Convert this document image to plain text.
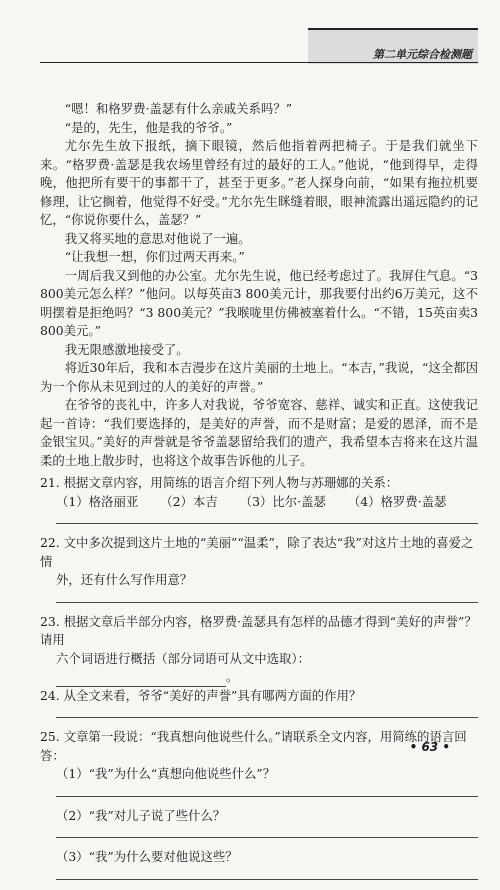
第二单元综合检测题

“嗯！和格罗费·盖瑟有什么亲戚关系吗？”

“是的，先生，他是我的爷爷。”

尤尔先生放下报纸，摘下眼镜，然后他指着两把椅子。于是我们就坐下来。“格罗费·盖瑟是我农场里曾经有过的最好的工人。”他说，“他到得早，走得晚，他把所有要干的事都干了，甚至于更多。”老人探身向前，“如果有拖拉机要修理，让它搁着，他觉得不好受。”尤尔先生眯缝着眼，眼神流露出遥远隐约的记忆，“你说你要什么，盖瑟？”

我又将买地的意思对他说了一遍。

“让我想一想，你们过两天再来。”

一周后我又到他的办公室。尤尔先生说，他已经考虑过了。我屏住气息。“3 800美元怎么样？”他问。以每英亩3 800美元计，那我要付出约6万美元，这不明摆着是拒绝吗？“3 800美元？”我喉咙里仿佛被塞着什么。“不错，15英亩卖3 800美元。”

我无限感激地接受了。

将近30年后，我和本吉漫步在这片美丽的土地上。“本吉，”我说，“这全都因为一个你从未见到过的人的美好的声誉。”

在爷爷的丧礼中，许多人对我说，爷爷宽容、慈祥、诚实和正直。这使我记起一首诗：“我们要选择的，是美好的声誉，而不是财富；是爱的恩泽，而不是金银宝贝。”美好的声誉就是爷爷盖瑟留给我们的遗产，我希望本吉将来在这片温柔的土地上散步时，也将这个故事告诉他的儿子。

21. 根据文章内容，用简练的语言介绍下列人物与苏珊娜的关系：

（1）格洛丽亚 （2）本吉 （3）比尔·盖瑟 （4）格罗费·盖瑟

22. 文中多次提到这片土地的“美丽”“温柔”，除了表达“我”对这片土地的喜爱之情

外，还有什么写作用意？

23. 根据文章后半部分内容，格罗费·盖瑟具有怎样的品德才得到“美好的声誉”？请用

六个词语进行概括（部分词语可从文中选取）：。

24. 从全文来看，爷爷“美好的声誉”具有哪两方面的作用？

25. 文章第一段说：“我真想向他说些什么。”请联系全文内容，用简练的语言回答：

（1）“我”为什么“真想向他说些什么”？

（2）“我”对儿子说了些什么？

（3）“我”为什么要对他说这些？

• 63 •
